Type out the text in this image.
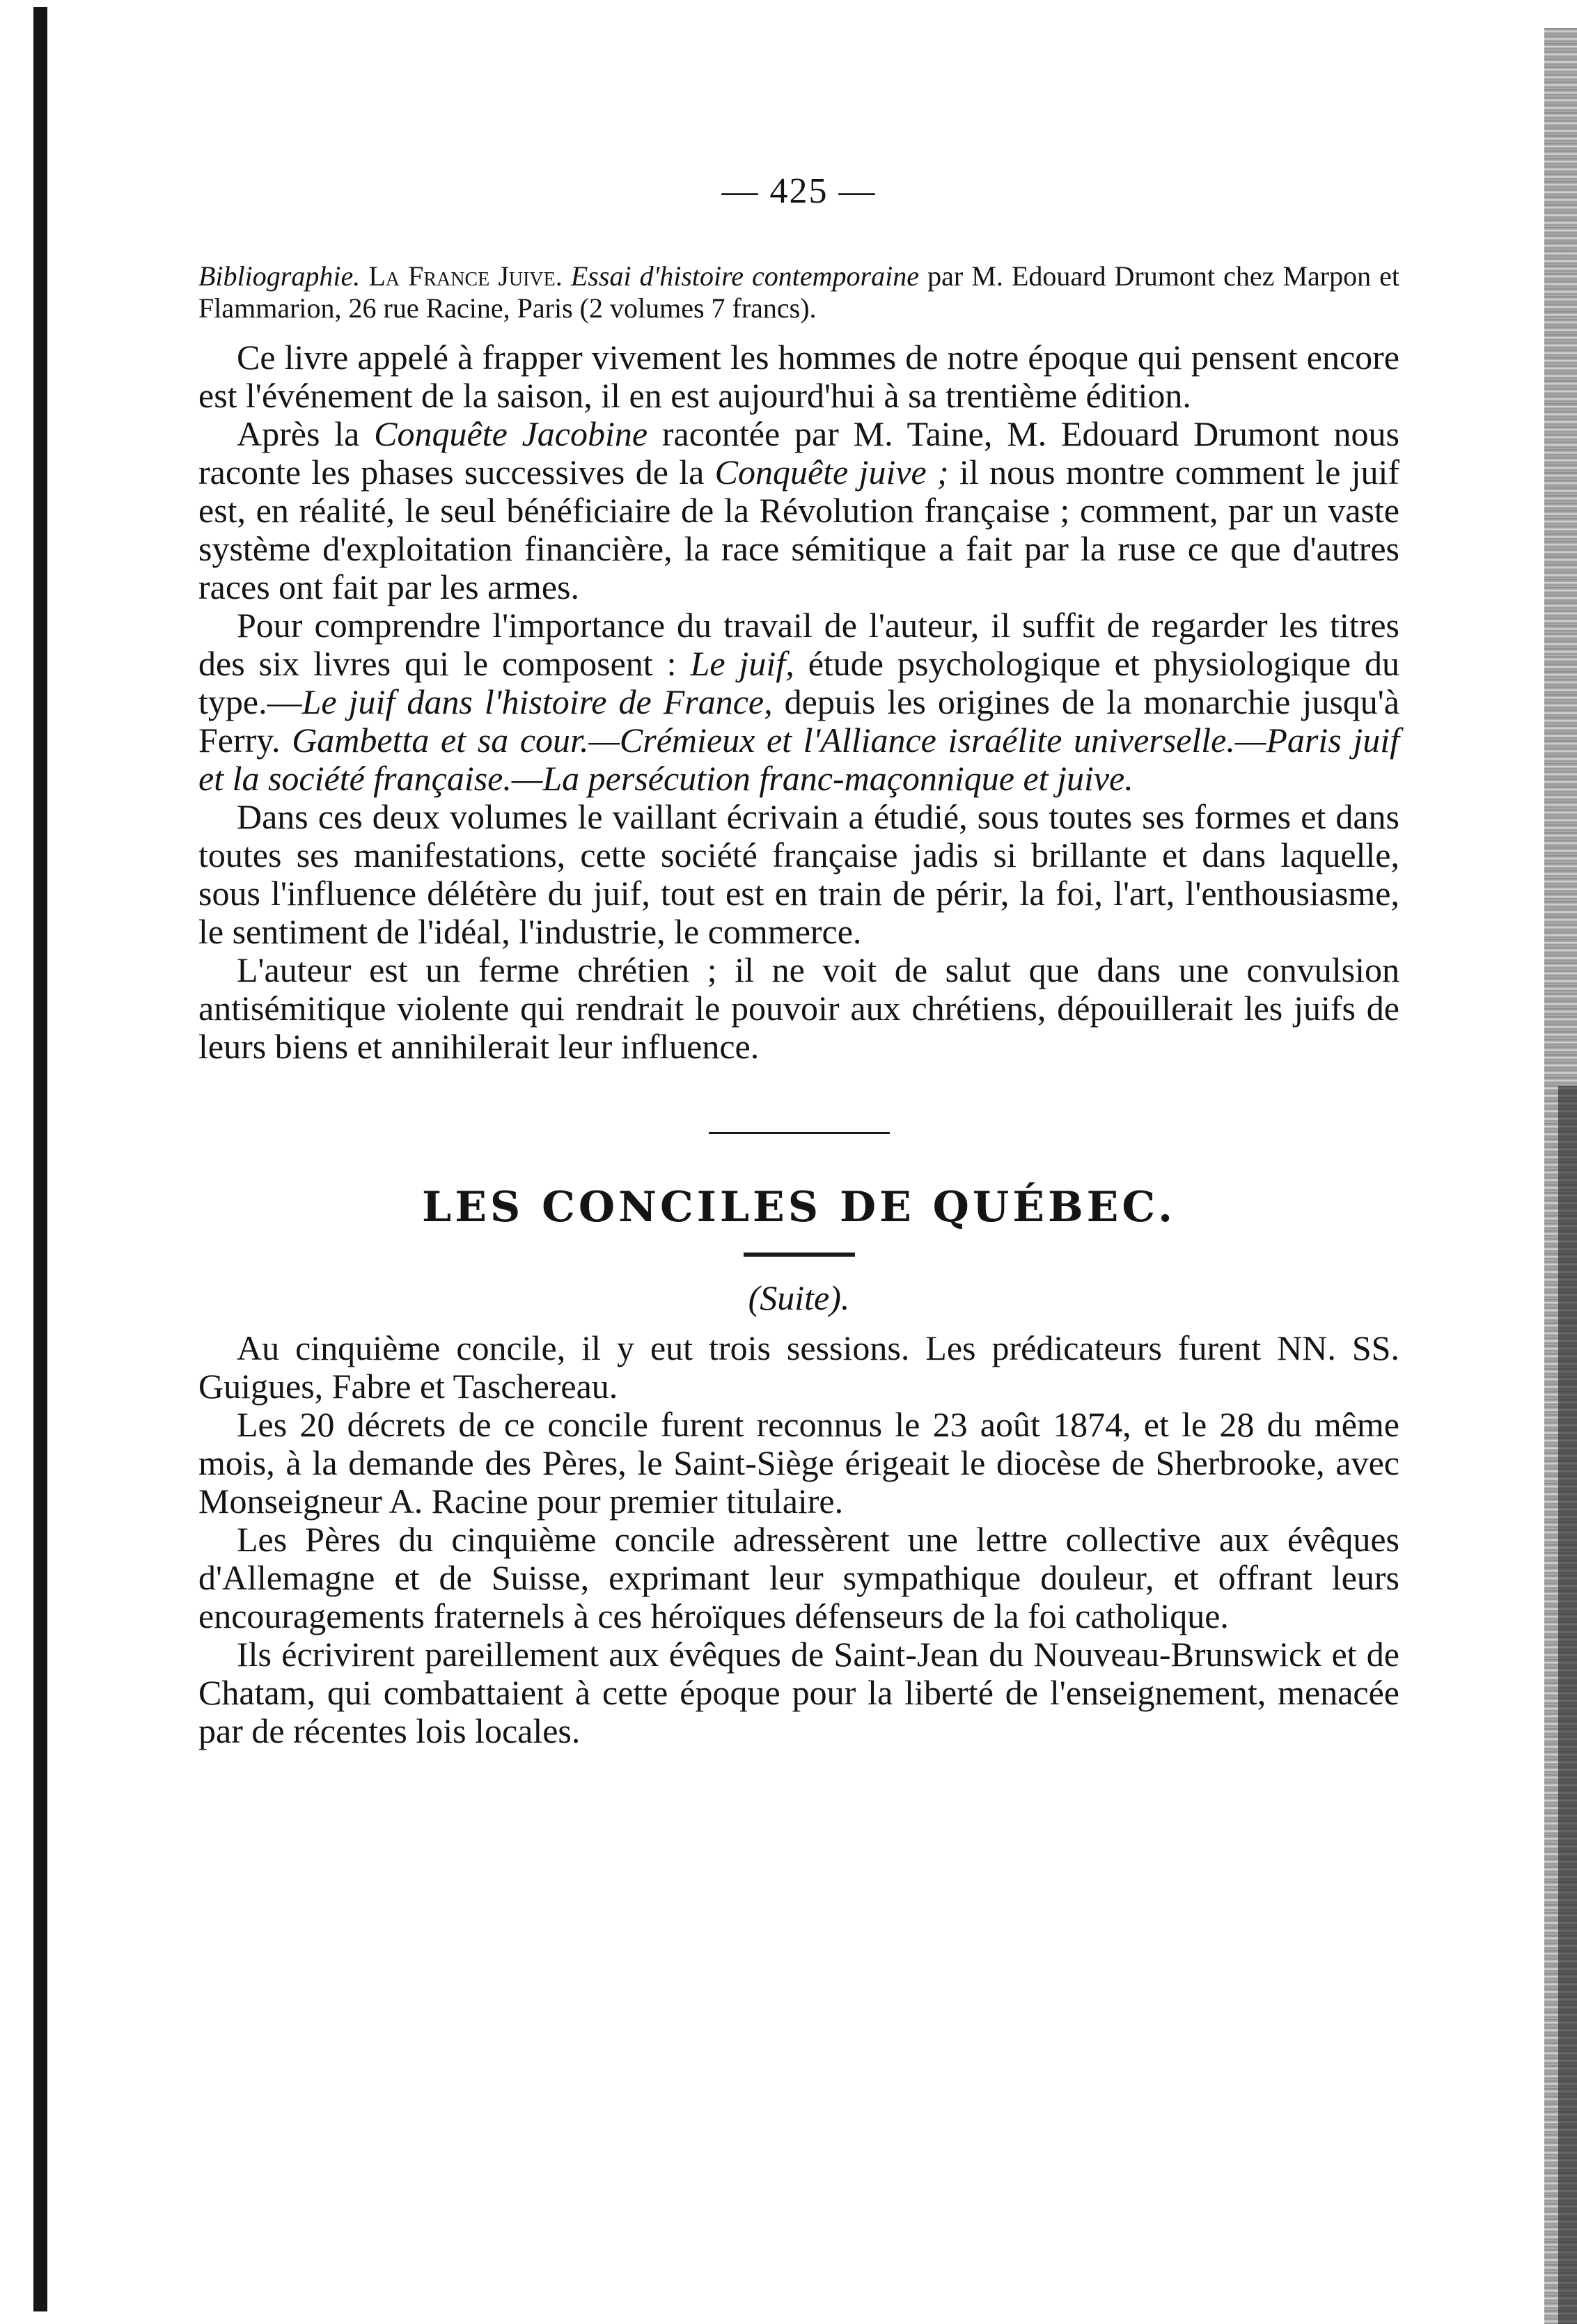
— 425 —
Bibliographie. La France Juive. Essai d'histoire contemporaine par M. Edouard Drumont chez Marpon et Flammarion, 26 rue Racine, Paris (2 volumes 7 francs).

Ce livre appelé à frapper vivement les hommes de notre époque qui pensent encore est l'événement de la saison, il en est aujourd'hui à sa trentième édition.

Après la Conquête Jacobine racontée par M. Taine, M. Edouard Drumont nous raconte les phases successives de la Conquête juive ; il nous montre comment le juif est, en réalité, le seul bénéficiaire de la Révolution française ; comment, par un vaste système d'exploitation financière, la race sémitique a fait par la ruse ce que d'autres races ont fait par les armes.

Pour comprendre l'importance du travail de l'auteur, il suffit de regarder les titres des six livres qui le composent : Le juif, étude psychologique et physiologique du type.—Le juif dans l'histoire de France, depuis les origines de la monarchie jusqu'à Ferry. Gambetta et sa cour.—Crémieux et l'Alliance israélite universelle.—Paris juif et la société française.—La persécution franc-maçonnique et juive.

Dans ces deux volumes le vaillant écrivain a étudié, sous toutes ses formes et dans toutes ses manifestations, cette société française jadis si brillante et dans laquelle, sous l'influence délétère du juif, tout est en train de périr, la foi, l'art, l'enthousiasme, le sentiment de l'idéal, l'industrie, le commerce.

L'auteur est un ferme chrétien ; il ne voit de salut que dans une convulsion antisémitique violente qui rendrait le pouvoir aux chrétiens, dépouillerait les juifs de leurs biens et annihilerait leur influence.

LES CONCILES DE QUÉBEC.
(Suite).

Au cinquième concile, il y eut trois sessions. Les prédicateurs furent NN. SS. Guigues, Fabre et Taschereau.

Les 20 décrets de ce concile furent reconnus le 23 août 1874, et le 28 du même mois, à la demande des Pères, le Saint-Siège érigeait le diocèse de Sherbrooke, avec Monseigneur A. Racine pour premier titulaire.

Les Pères du cinquième concile adressèrent une lettre collective aux évêques d'Allemagne et de Suisse, exprimant leur sympathique douleur, et offrant leurs encouragements fraternels à ces héroïques défenseurs de la foi catholique.

Ils écrivirent pareillement aux évêques de Saint-Jean du Nouveau-Brunswick et de Chatam, qui combattaient à cette époque pour la liberté de l'enseignement, menacée par de récentes lois locales.
